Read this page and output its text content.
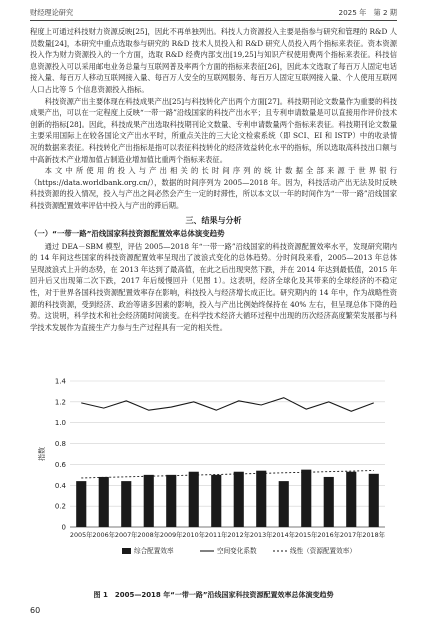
财经理论研究	2025 年　第 2 期

程度上可通过科技财力资源反映[25]，因此不再单独列出。科技人力资源投入主要是指参与研究和管理的 R&D 人员数量[24]，本研究中重点选取参与研究的 R&D 技术人员投入和 R&D 研究人员投入两个指标来表征。资本资源投入作为财力资源投入的一个方面，选取 R&D 经费内部支出[19,25]与知识产权使用费两个指标来表征。科技信息资源投入可以采用邮电业务总量与互联网普及率两个方面的指标来表征[26]，因此本文选取了每百万人固定电话接入量、每百万人移动互联网接入量、每百万人安全的互联网服务、每百万人固定互联网接入量、个人使用互联网人口占比等 5 个信息资源投入指标。

科技资源产出主要体现在科技成果产出[25]与科技转化产出两个方面[27]。科技期刊论文数量作为重要的科技成果产出，可以在一定程度上反映“一带一路”沿线国家的科技产出水平；且专利申请数量是可以直接用作评价技术创新的指标[28]。因此，科技成果产出选取科技期刊论文数量、专利申请数量两个指标来表征。科技期刊论文数量主要采用国际上在较各国论文产出水平时，所重点关注的三大论文检索系统（即 SCI、EI 和 ISTP）中的收录情况的数据来表征。科技转化产出指标是指可以表征科技转化的经济效益转化水平的指标，所以选取高科技出口额与中高新技术产业增加值占制造业增加值比重两个指标来表征。

本文中所使用的投入与产出相关的长时间序列的统计数据全部来源于世界银行（https://data.worldbank.org.cn/），数据的时间序列为 2005—2018 年。因为，科技活动产出无法及时反映科技资源的投入情况，投入与产出之间必然会产生一定的时滞性，所以本文以一年的时间作为“一带一路”沿线国家科技资源配置效率评估中投入与产出的滞后期。

三、结果与分析
（一）“一带一路”沿线国家科技资源配置效率总体演变趋势

通过 DEA－SBM 模型，评估 2005—2018 年“一带一路”沿线国家的科技资源配置效率水平，发现研究期内的 14 年间这些国家的科技资源配置效率呈现出了波浪式变化的总体趋势。分时间段来看，2005—2013 年总体呈现波浪式上升的态势，在 2013 年达到了最高值，在此之后出现突然下跌，并在 2014 年达到最低值，2015 年回升后又出现第二次下跌，2017 年后缓慢回升（见图 1）。这表明，经济全球化及其带来的全球经济的不稳定性，对于世界各国科技资源配置效率存在影响，科技投入与经济增长成正比。研究期内的 14 年中，作为战略性资源的科技资源，受到经济、政治等诸多因素的影响，投入与产出比例始终保持在 40% 左右，但呈现总体下降的趋势。这说明，科学技术和社会经济随时间演变。在科学技术经济大循环过程中出现的历次经济高度繁荣发展都与科学技术发展作为直接生产力参与生产过程具有一定的相关性。

0
0.2
0.4
0.6
0.8
1.0
1.2
1.4
指数
2005年 2006年 2007年 2008年 2009年 2010年 2011年 2012年 2013年 2014年 2015年 2016年 2017年 2018年
综合配置效率	空间变化系数	线性（资源配置效率）
图 1　2005—2018 年“一带一路”沿线国家科技资源配置效率总体演变趋势
60
